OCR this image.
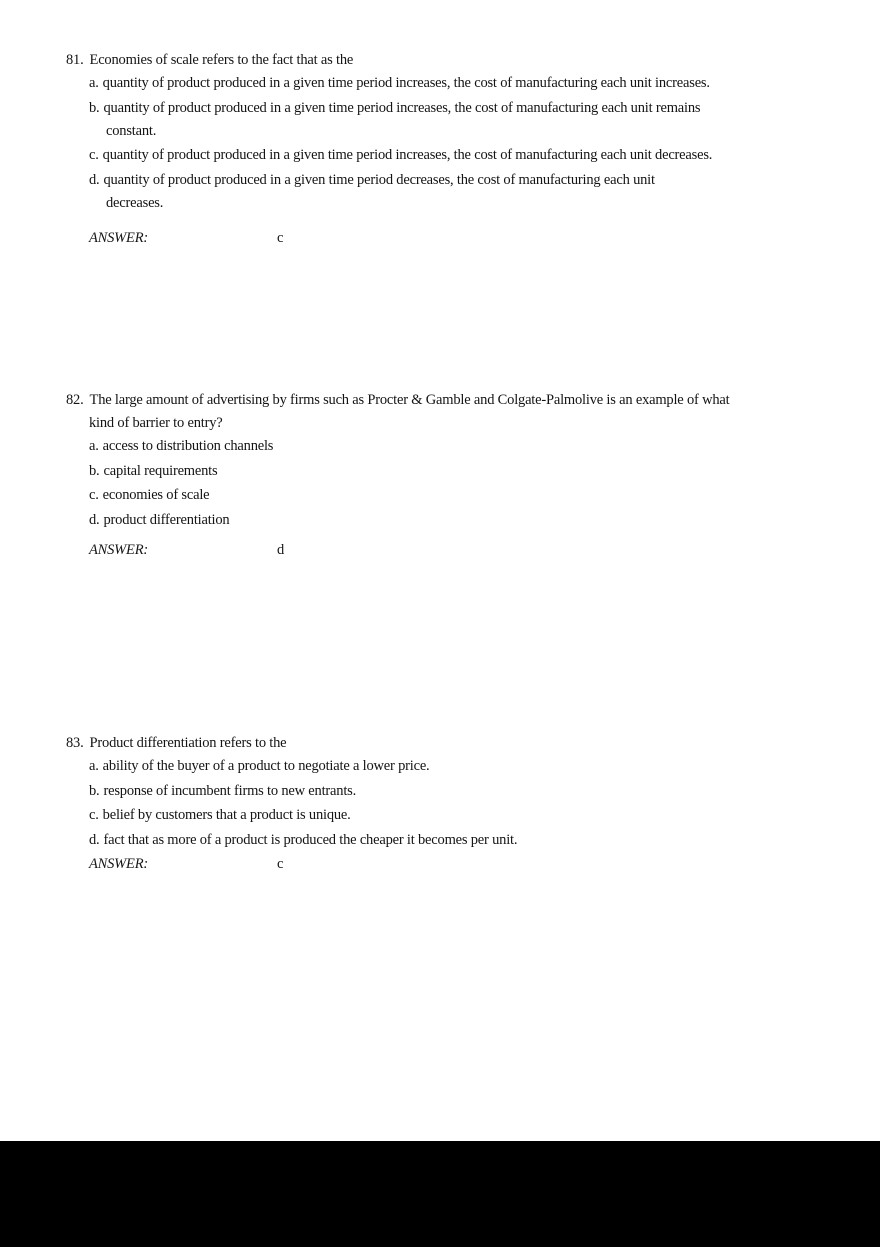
81. Economies of scale refers to the fact that as the
a. quantity of product produced in a given time period increases, the cost of manufacturing each unit increases.
b. quantity of product produced in a given time period increases, the cost of manufacturing each unit remains
constant.
c. quantity of product produced in a given time period increases, the cost of manufacturing each unit decreases.
d. quantity of product produced in a given time period decreases, the cost of manufacturing each unit
decreases.
ANSWER:	c
82. The large amount of advertising by firms such as Procter & Gamble and Colgate-Palmolive is an example of what
kind of barrier to entry?
a. access to distribution channels
b. capital requirements
c. economies of scale
d. product differentiation
ANSWER:	d
83. Product differentiation refers to the
a. ability of the buyer of a product to negotiate a lower price.
b. response of incumbent firms to new entrants.
c. belief by customers that a product is unique.
d. fact that as more of a product is produced the cheaper it becomes per unit.
ANSWER:	c
